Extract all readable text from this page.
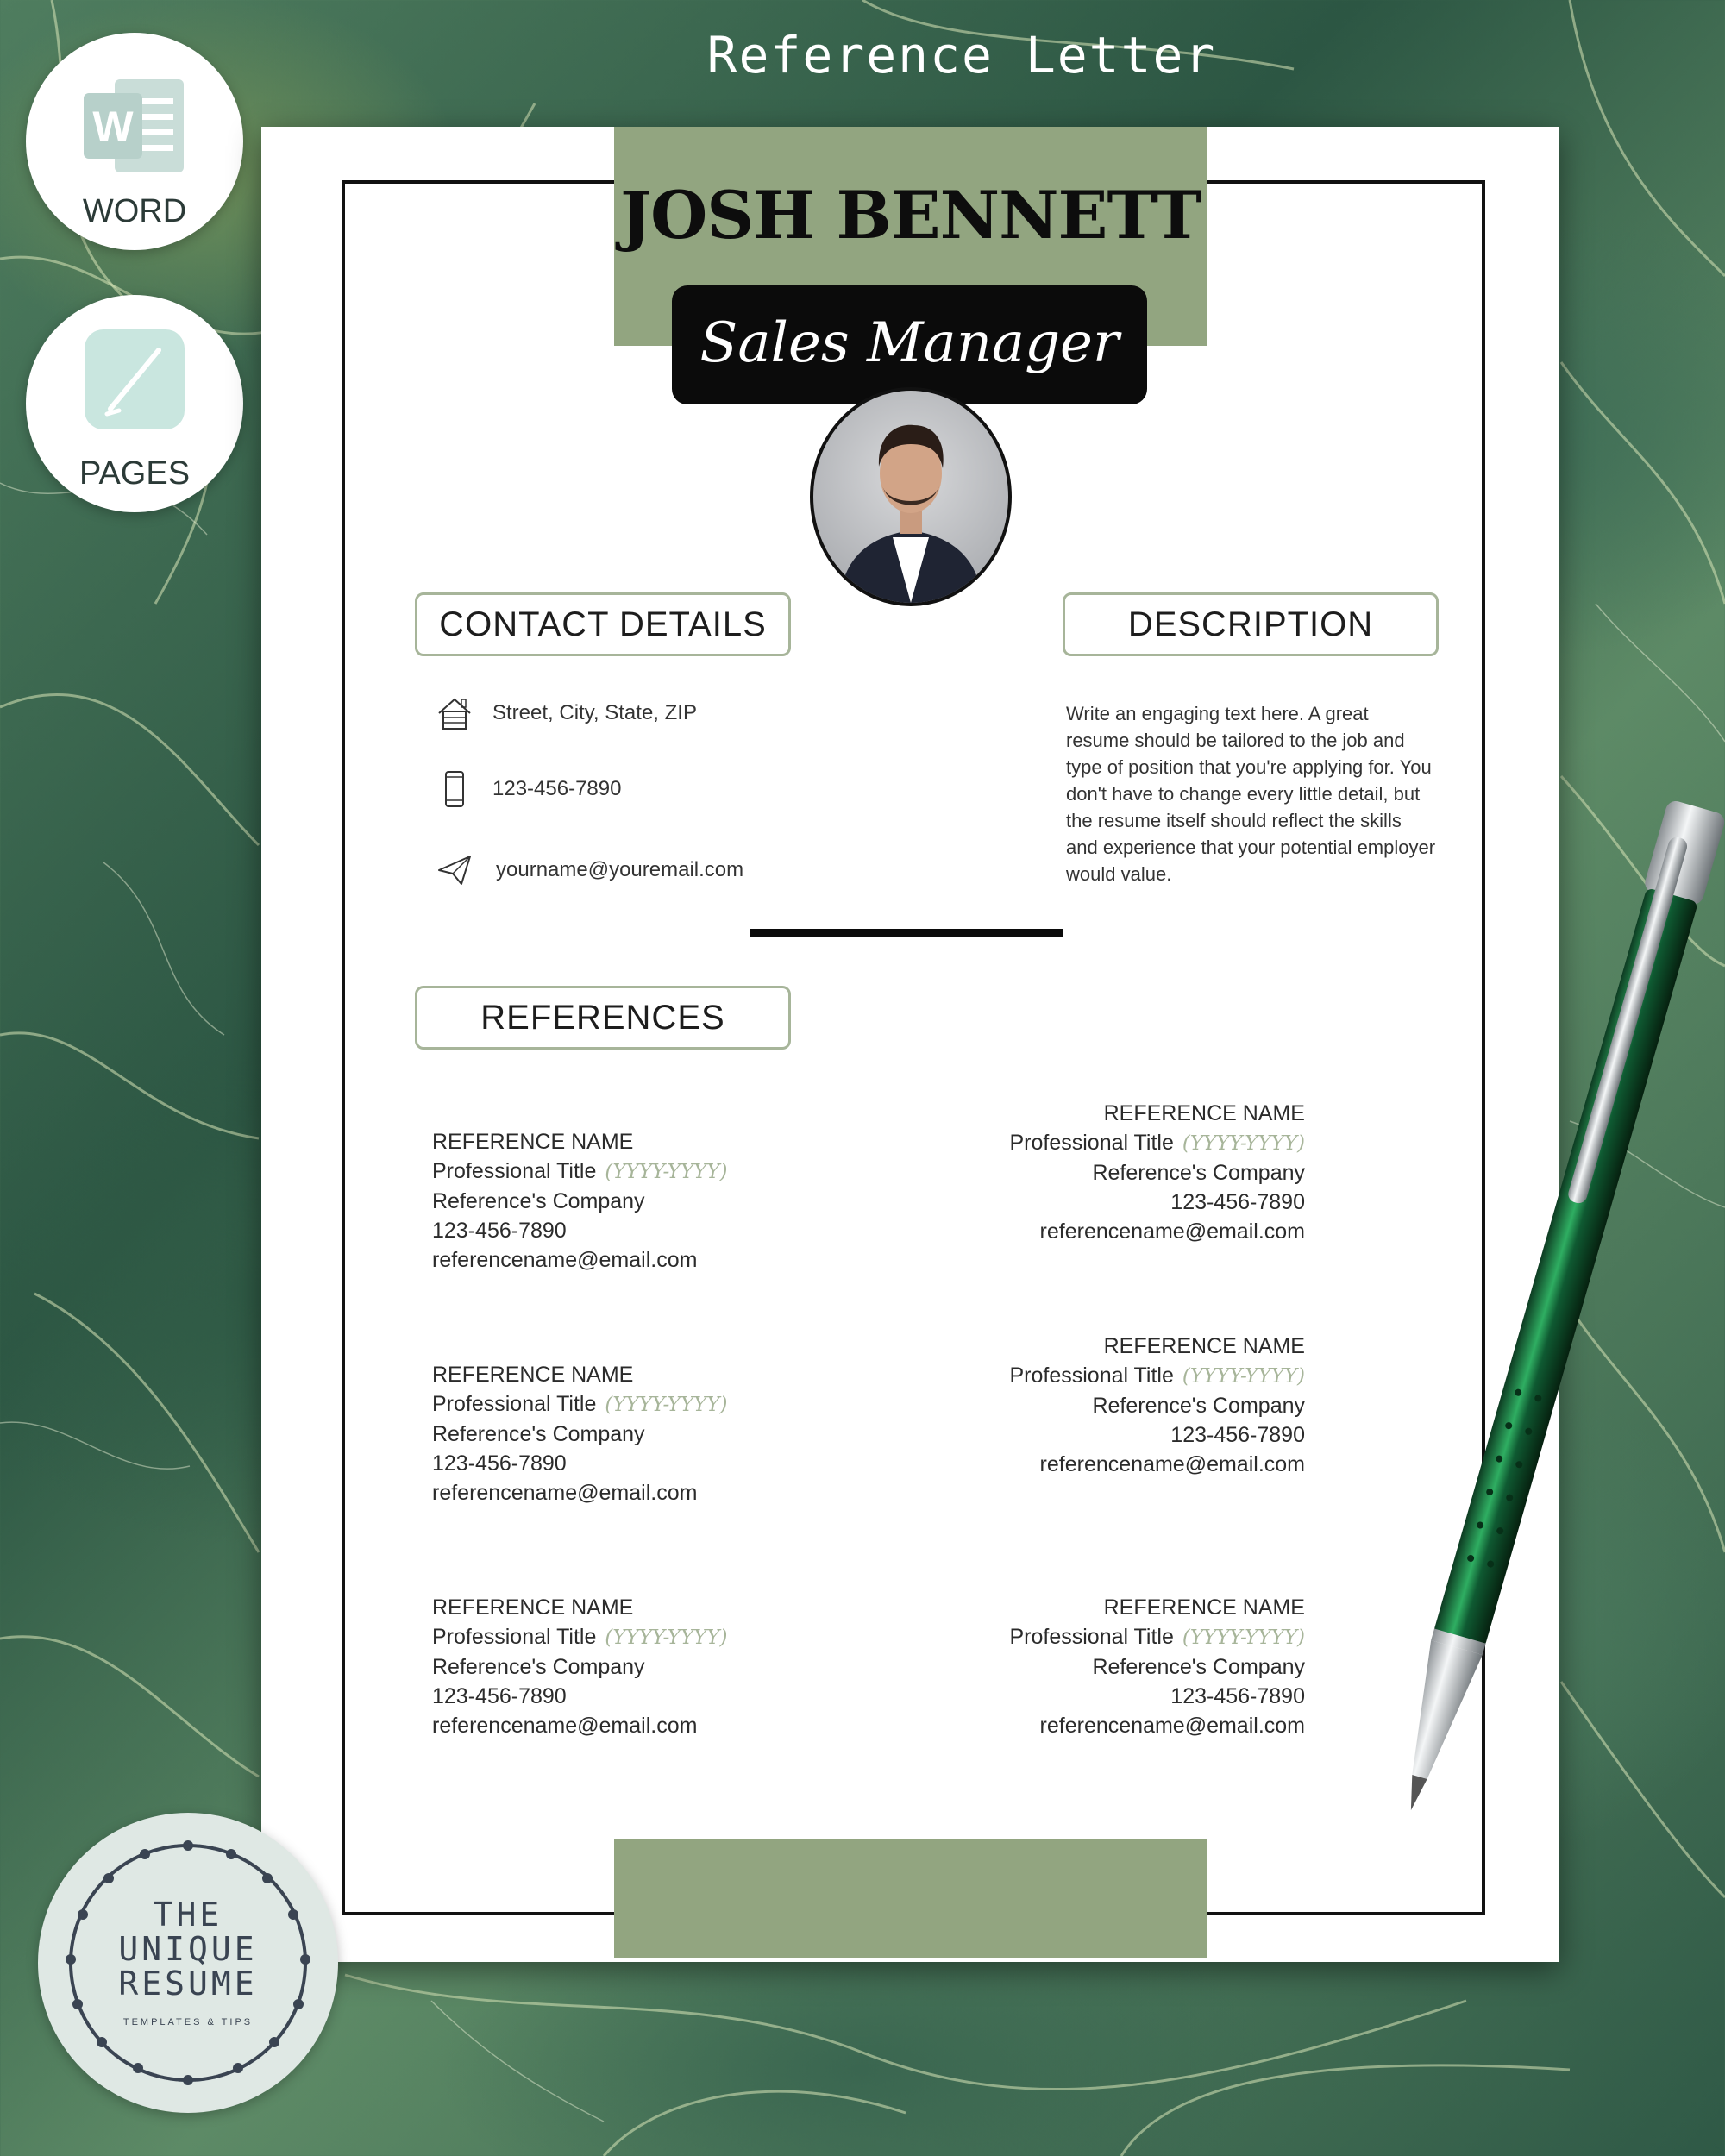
Reference Letter
W
WORD
PAGES
JOSH BENNETT
Sales Manager
CONTACT DETAILS	DESCRIPTION
Street, City, State, ZIP
123-456-7890
yourname@youremail.com
Write an engaging text here. A great resume should be tailored to the job and type of position that you're applying for. You don't have to change every little detail, but the resume itself should reflect the skills and experience that your potential employer would value.
REFERENCES
REFERENCE NAME
Professional Title (YYYY-YYYY)
Reference's Company
123-456-7890
referencename@email.com
REFERENCE NAME
Professional Title (YYYY-YYYY)
Reference's Company
123-456-7890
referencename@email.com
REFERENCE NAME
Professional Title (YYYY-YYYY)
Reference's Company
123-456-7890
referencename@email.com
REFERENCE NAME
Professional Title (YYYY-YYYY)
Reference's Company
123-456-7890
referencename@email.com
REFERENCE NAME
Professional Title (YYYY-YYYY)
Reference's Company
123-456-7890
referencename@email.com
REFERENCE NAME
Professional Title (YYYY-YYYY)
Reference's Company
123-456-7890
referencename@email.com
THE
UNIQUE
RESUME
TEMPLATES & TIPS
